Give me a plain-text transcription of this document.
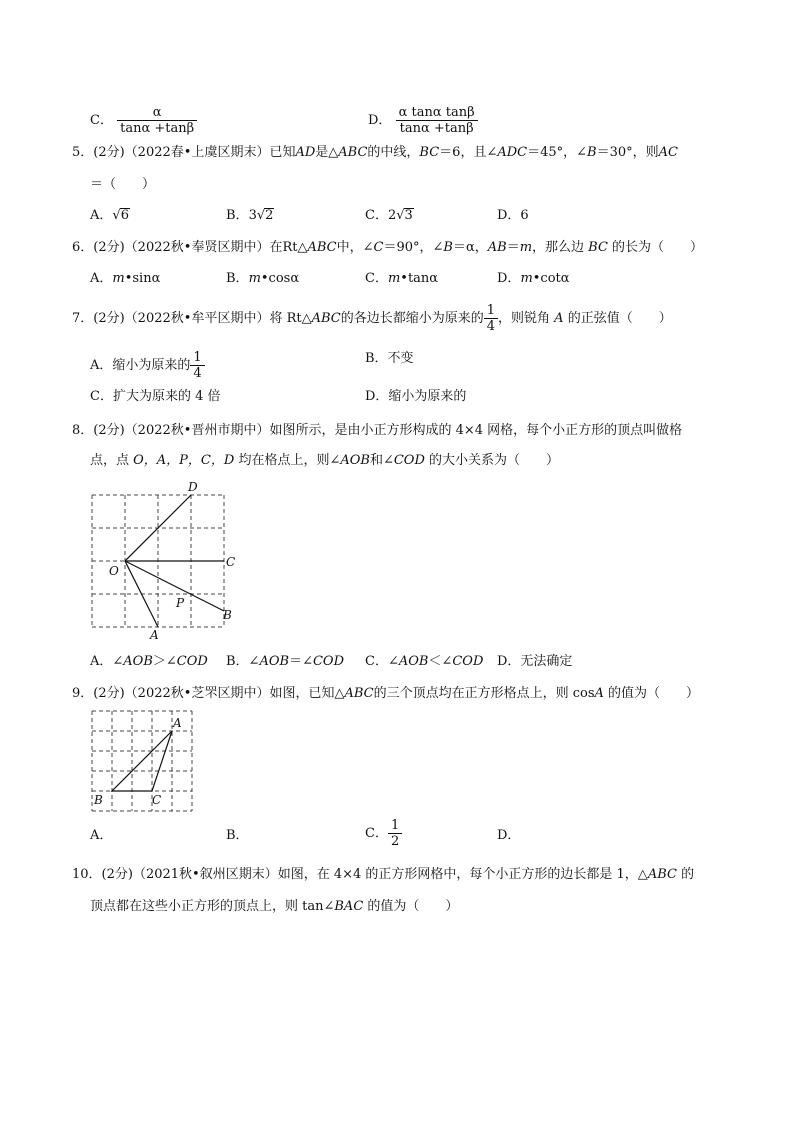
C． $\frac{\alpha}{\tan\alpha +\tan\beta}$	D． $\frac{\text{α tanα tanβ}}{\tan\alpha +\tan\beta}$
5．(2分)（2022春•上虞区期末）已知AD是△ABC的中线，BC＝6，且∠ADC＝45°，∠B＝30°，则AC
＝（　　）
A．√6	B．3√2	C．2√3	D．6
6．(2分)（2022秋•奉贤区期中）在Rt△ABC中，∠C＝90°，∠B＝α，AB＝m，那么边 BC 的长为（　　）
A．m•sinα	B．m•cosα	C．m•tanα	D．m•cotα
7．(2分)（2022秋•牟平区期中）将 Rt△ABC的各边长都缩小为原来的 $\frac{1}{4}$ ，则锐角 A 的正弦值（　　）
A．缩小为原来的 $\frac{1}{4}$	B．不变
C．扩大为原来的 4 倍	D．缩小为原来的
8．(2分)（2022秋•晋州市期中）如图所示，是由小正方形构成的 4×4 网格，每个小正方形的顶点叫做格
点，点 O，A，P，C，D 均在格点上，则∠AOB和∠COD 的大小关系为（　　）
D
C
O
P
B
A
A．∠AOB＞∠COD B．∠AOB＝∠COD C．∠AOB＜∠COD D．无法确定
9．(2分)（2022秋•芝罘区期中）如图，已知△ABC的三个顶点均在正方形格点上，则 cosA 的值为（　　）
A
B	C
A．	B．	C． $\frac{1}{2}$	D．
10．(2分)（2021秋•叙州区期末）如图，在 4×4 的正方形网格中，每个小正方形的边长都是 1，△ABC 的
顶点都在这些小正方形的顶点上，则 tan∠BAC 的值为（　　）
